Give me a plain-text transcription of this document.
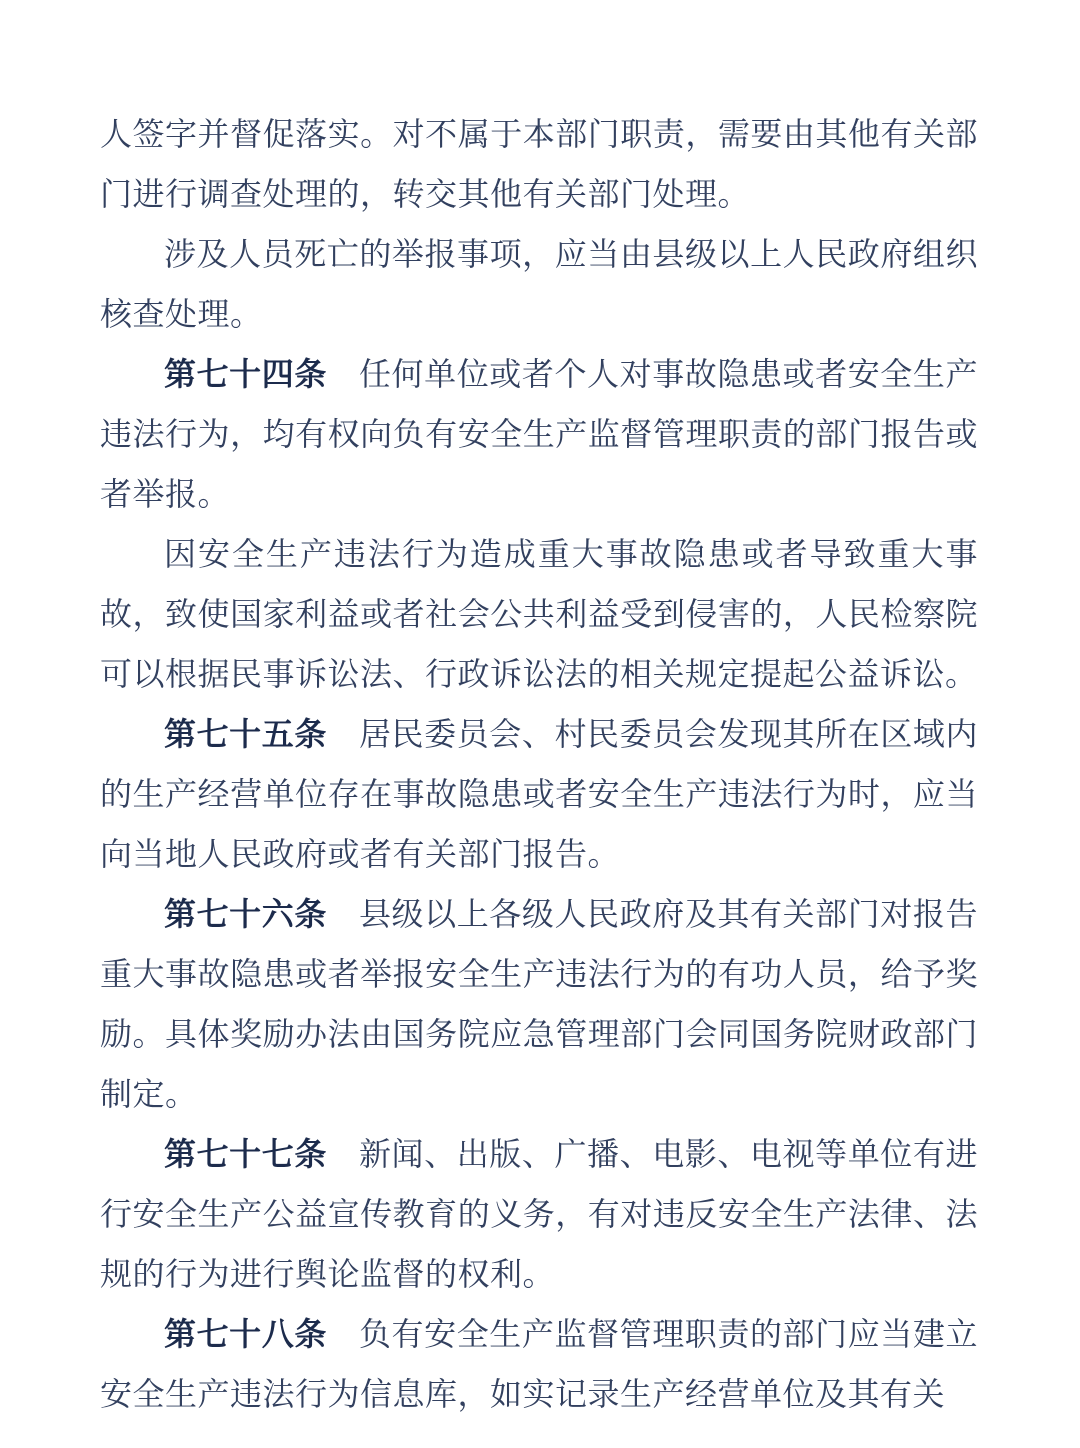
人签字并督促落实。对不属于本部门职责，需要由其他有关部门进行调查处理的，转交其他有关部门处理。

涉及人员死亡的举报事项，应当由县级以上人民政府组织核查处理。

第七十四条 任何单位或者个人对事故隐患或者安全生产违法行为，均有权向负有安全生产监督管理职责的部门报告或者举报。

因安全生产违法行为造成重大事故隐患或者导致重大事故，致使国家利益或者社会公共利益受到侵害的，人民检察院可以根据民事诉讼法、行政诉讼法的相关规定提起公益诉讼。

第七十五条 居民委员会、村民委员会发现其所在区域内的生产经营单位存在事故隐患或者安全生产违法行为时，应当向当地人民政府或者有关部门报告。

第七十六条 县级以上各级人民政府及其有关部门对报告重大事故隐患或者举报安全生产违法行为的有功人员，给予奖励。具体奖励办法由国务院应急管理部门会同国务院财政部门制定。

第七十七条 新闻、出版、广播、电影、电视等单位有进行安全生产公益宣传教育的义务，有对违反安全生产法律、法规的行为进行舆论监督的权利。

第七十八条 负有安全生产监督管理职责的部门应当建立安全生产违法行为信息库，如实记录生产经营单位及其有关
